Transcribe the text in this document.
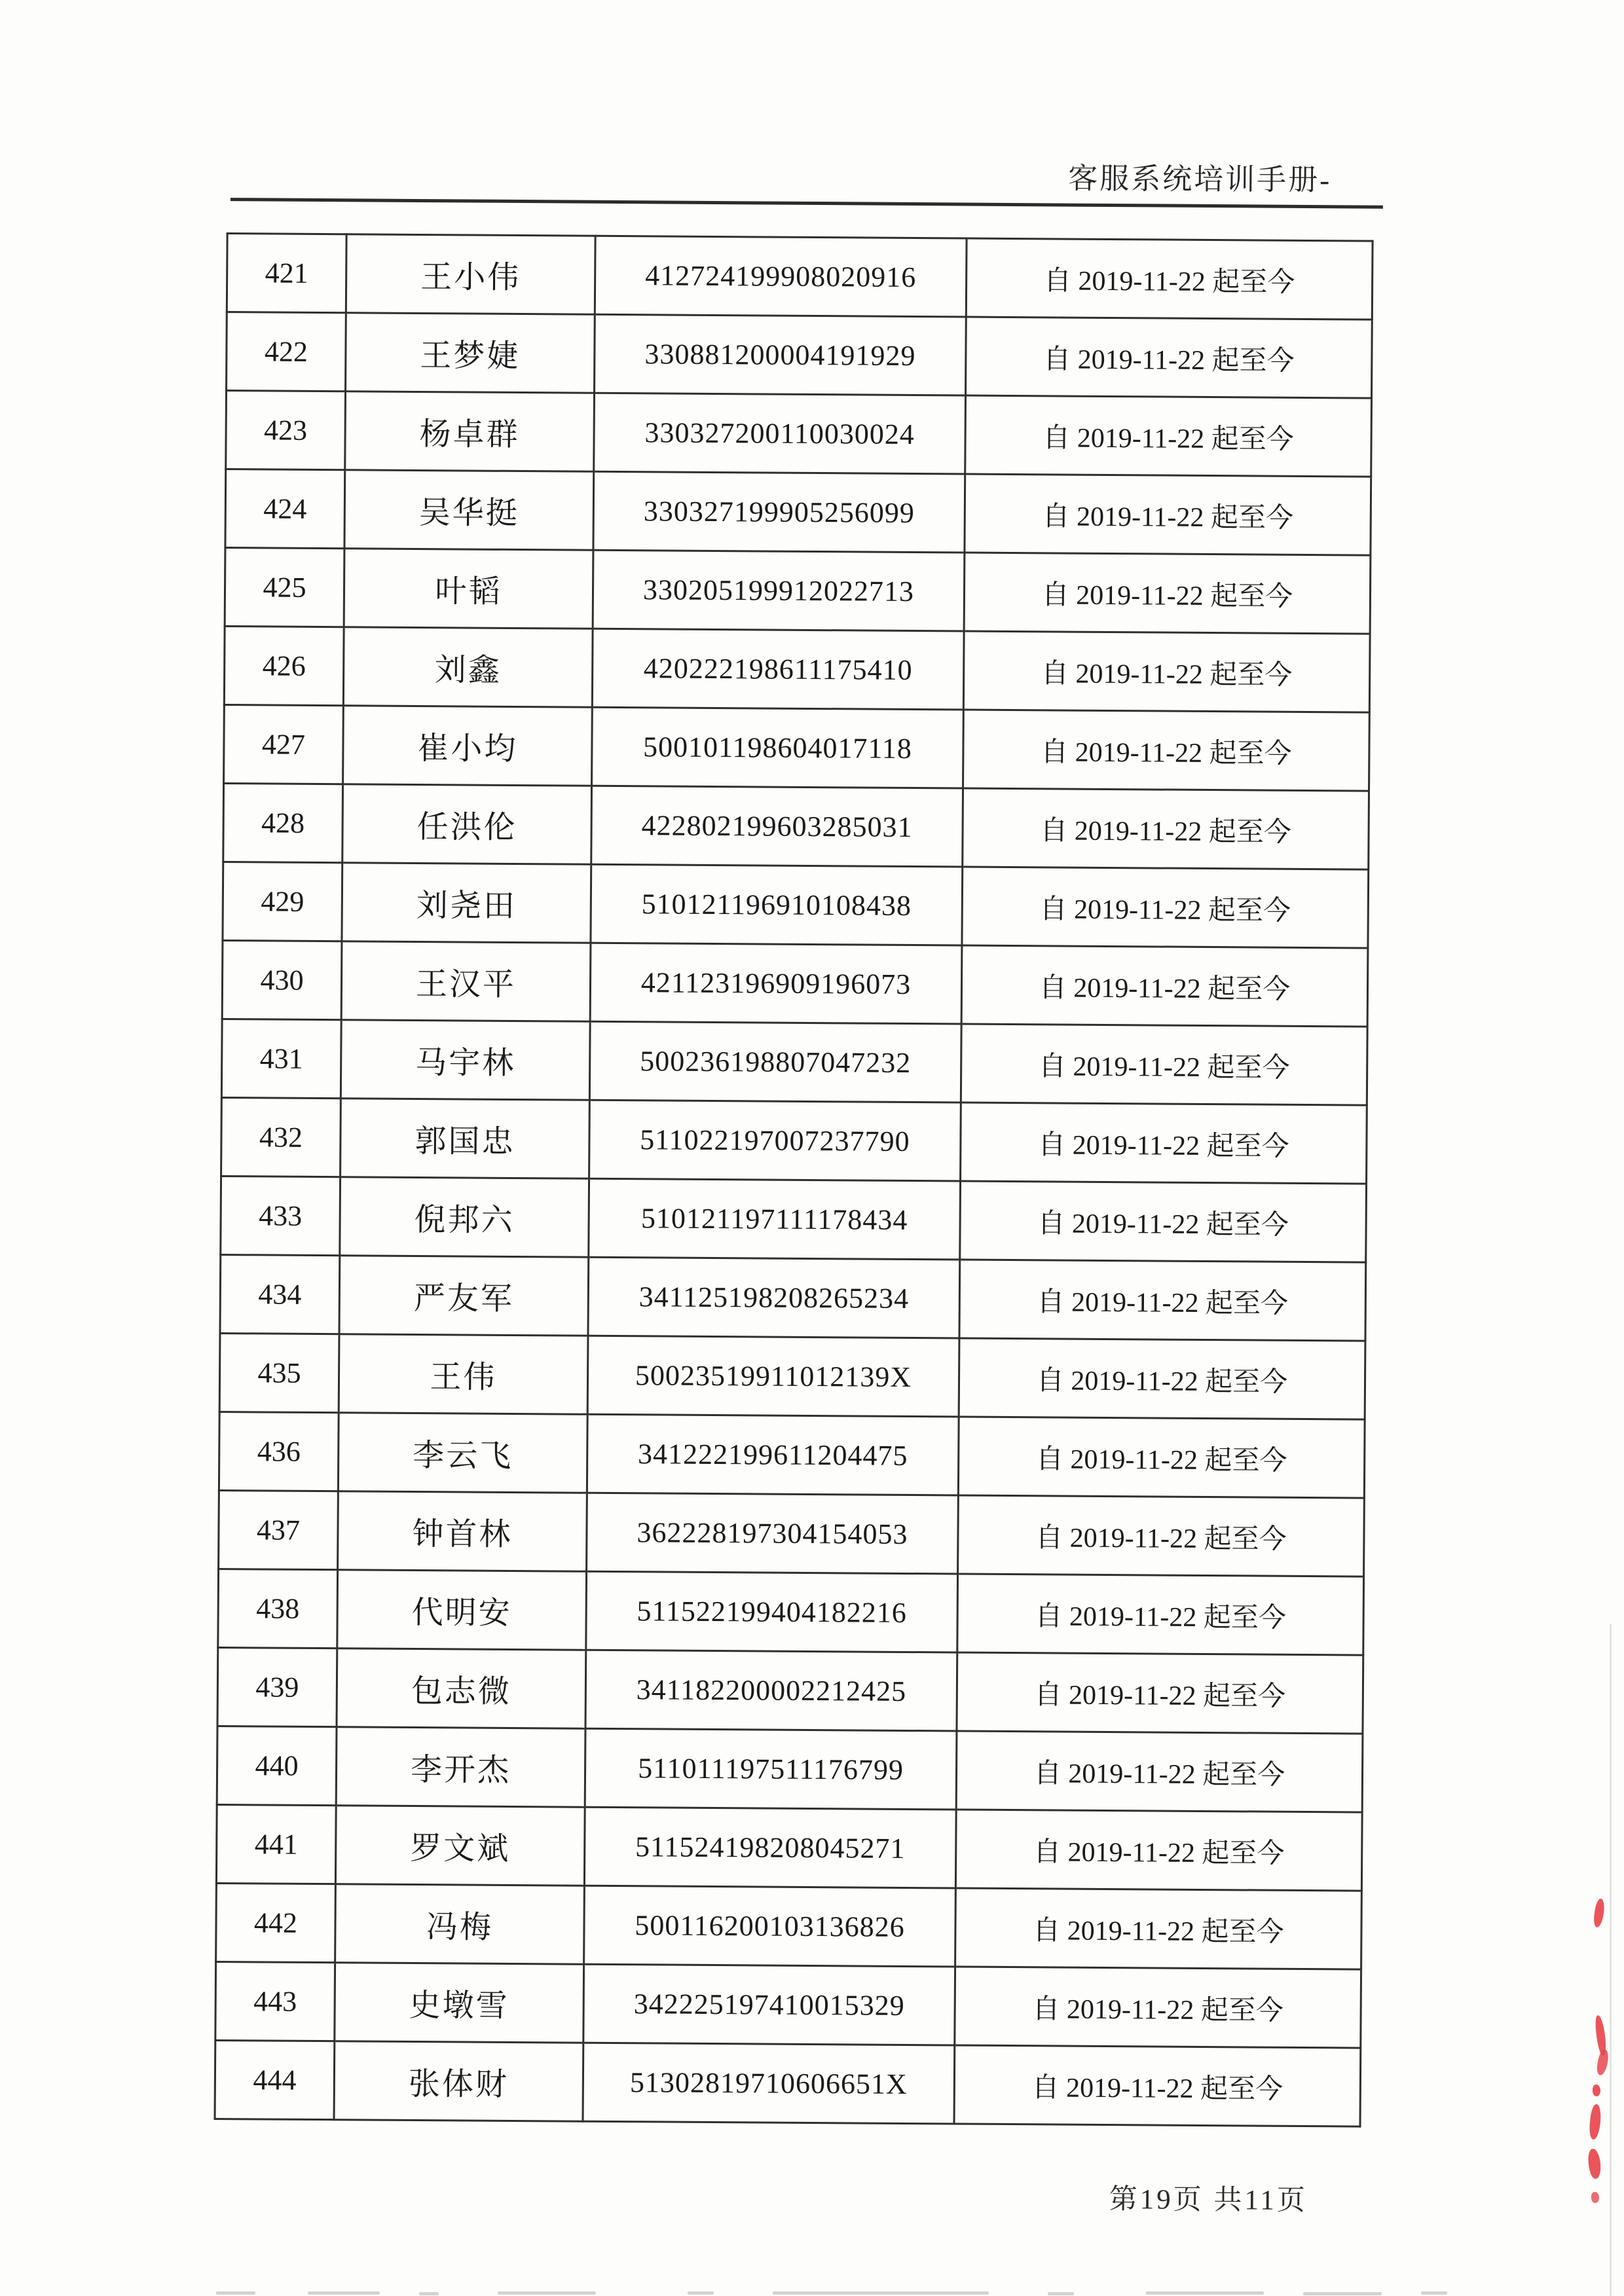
客服系统培训手册-
421	王小伟	412724199908020916	自 2019-11-22 起至今
422	王梦婕	330881200004191929	自 2019-11-22 起至今
423	杨卓群	330327200110030024	自 2019-11-22 起至今
424	吴华挺	330327199905256099	自 2019-11-22 起至今
425	叶韬	330205199912022713	自 2019-11-22 起至今
426	刘鑫	420222198611175410	自 2019-11-22 起至今
427	崔小均	500101198604017118	自 2019-11-22 起至今
428	任洪伦	422802199603285031	自 2019-11-22 起至今
429	刘尧田	510121196910108438	自 2019-11-22 起至今
430	王汉平	421123196909196073	自 2019-11-22 起至今
431	马宇林	500236198807047232	自 2019-11-22 起至今
432	郭国忠	511022197007237790	自 2019-11-22 起至今
433	倪邦六	510121197111178434	自 2019-11-22 起至今
434	严友军	341125198208265234	自 2019-11-22 起至今
435	王伟	50023519911012139X	自 2019-11-22 起至今
436	李云飞	341222199611204475	自 2019-11-22 起至今
437	钟首林	362228197304154053	自 2019-11-22 起至今
438	代明安	511522199404182216	自 2019-11-22 起至今
439	包志微	341182200002212425	自 2019-11-22 起至今
440	李开杰	511011197511176799	自 2019-11-22 起至今
441	罗文斌	511524198208045271	自 2019-11-22 起至今
442	冯梅	500116200103136826	自 2019-11-22 起至今
443	史墩雪	342225197410015329	自 2019-11-22 起至今
444	张体财	51302819710606651X	自 2019-11-22 起至今
第19页 共11页
